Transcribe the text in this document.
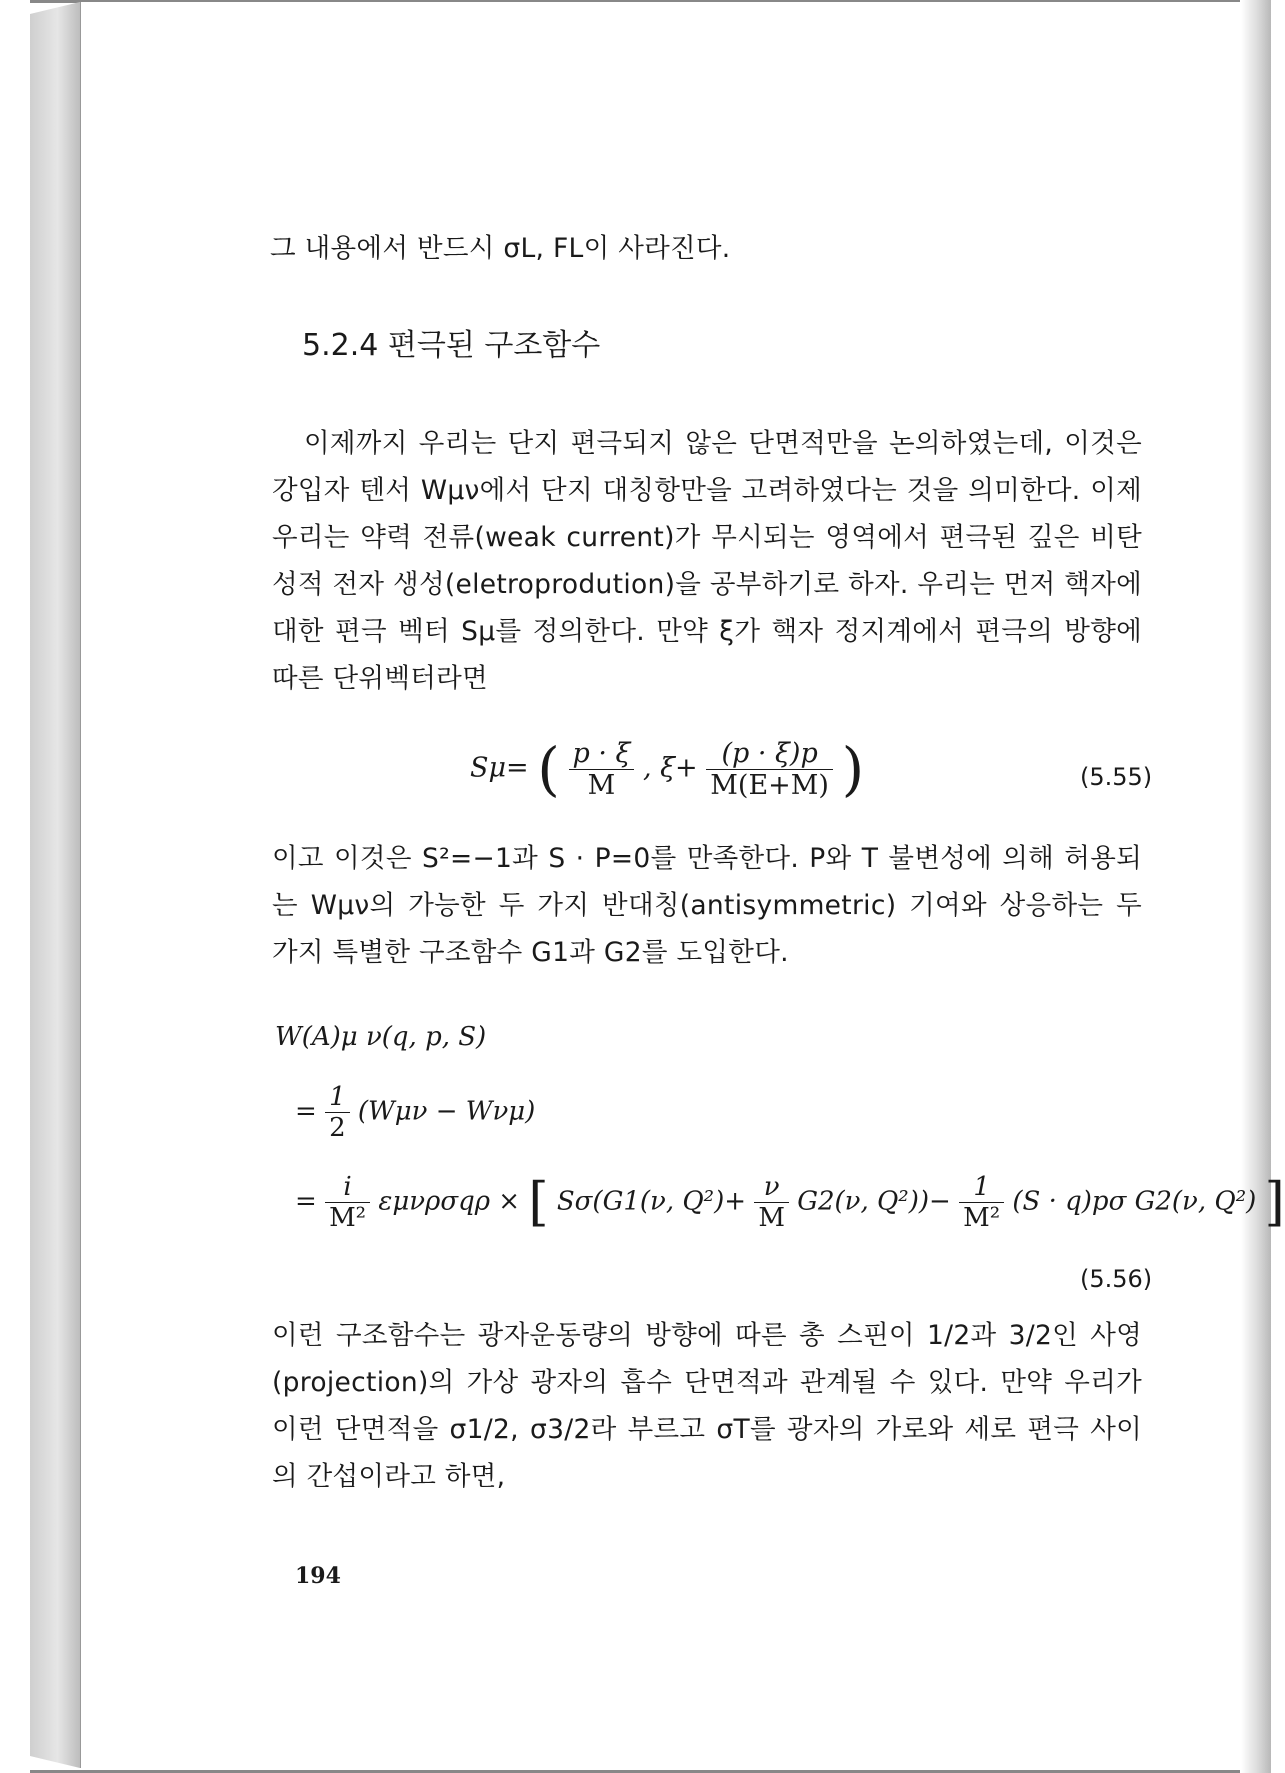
그 내용에서 반드시 σL, FL이 사라진다.

5.2.4 편극된 구조함수

이제까지 우리는 단지 편극되지 않은 단면적만을 논의하였는데, 이것은 강입자 텐서 Wμν에서 단지 대칭항만을 고려하였다는 것을 의미한다. 이제 우리는 약력 전류(weak current)가 무시되는 영역에서 편극된 깊은 비탄성적 전자 생성(eletroprodution)을 공부하기로 하자. 우리는 먼저 핵자에 대한 편극 벡터 Sμ를 정의한다. 만약 ξ가 핵자 정지계에서 편극의 방향에 따른 단위벡터라면

Sμ= ( $\frac{p \cdot \xi}{M}$ , $\xi+ \frac{(p \cdot \xi)p}{M(E+M)}$ )	(5.55)

이고 이것은 S²=−1과 S · P=0를 만족한다. P와 T 불변성에 의해 허용되는 Wμν의 가능한 두 가지 반대칭(antisymmetric) 기여와 상응하는 두 가지 특별한 구조함수 G1과 G2를 도입한다.

W(A)μ ν(q, p, S)
= $\frac{1}{2} (W\mu\nu - W\nu\mu)$
= $\frac{i}{\text{M²}}$ εμνρσqρ × [ Sσ(G1(ν, $Q^2)+ \frac{\nu}{M} G2(\nu$, $Q^2))- \frac{1}{\text{M²}} (S \cdot q)p\sigma$ G2(ν, Q²) ]
(5.56)

이런 구조함수는 광자운동량의 방향에 따른 총 스핀이 1/2과 3/2인 사영(projection)의 가상 광자의 흡수 단면적과 관계될 수 있다. 만약 우리가 이런 단면적을 σ1/2, σ3/2라 부르고 σT를 광자의 가로와 세로 편극 사이의 간섭이라고 하면,

194
